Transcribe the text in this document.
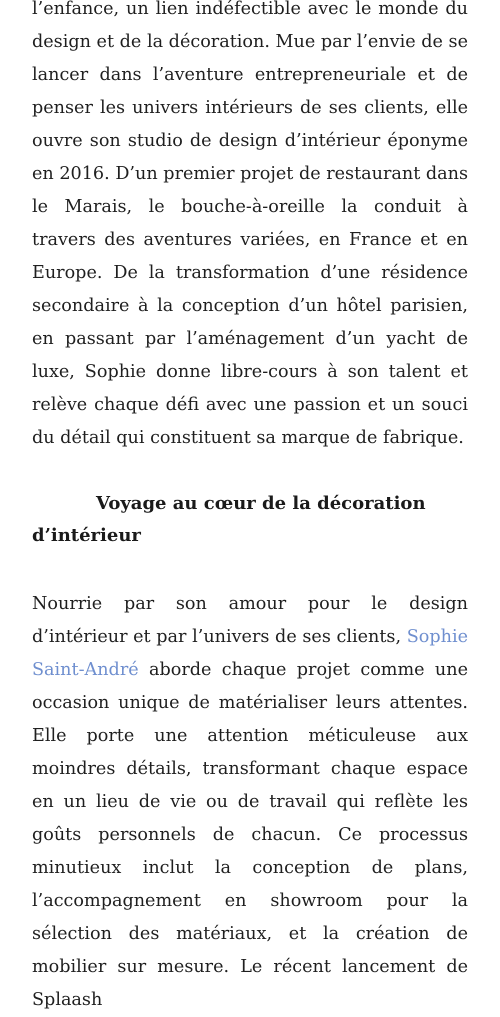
l’enfance, un lien indéfectible avec le monde du design et de la décoration. Mue par l’envie de se lancer dans l’aventure entrepreneuriale et de penser les univers intérieurs de ses clients, elle ouvre son studio de design d’intérieur éponyme en 2016. D’un premier projet de restaurant dans le Marais, le bouche-à-oreille la conduit à travers des aventures variées, en France et en Europe. De la transformation d’une résidence secondaire à la conception d’un hôtel parisien, en passant par l’aménagement d’un yacht de luxe, Sophie donne libre-cours à son talent et relève chaque défi avec une passion et un souci du détail qui constituent sa marque de fabrique.

Voyage au cœur de la décoration d’intérieur

Nourrie par son amour pour le design d’intérieur et par l’univers de ses clients, Sophie Saint-André aborde chaque projet comme une occasion unique de matérialiser leurs attentes. Elle porte une attention méticuleuse aux moindres détails, transformant chaque espace en un lieu de vie ou de travail qui reflète les goûts personnels de chacun. Ce processus minutieux inclut la conception de plans, l’accompagnement en showroom pour la sélection des matériaux, et la création de mobilier sur mesure. Le récent lancement de Splaash
